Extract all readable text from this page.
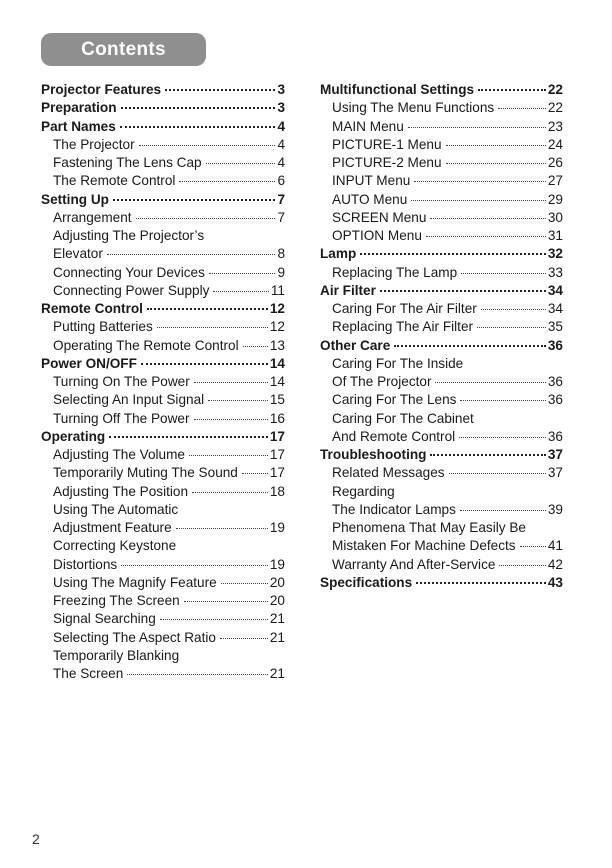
Contents
Projector Features	3
Preparation	3
Part Names	4
The Projector	4
Fastening The Lens Cap	4
The Remote Control	6
Setting Up	7
Arrangement	7
Adjusting The Projector’s
Elevator	8
Connecting Your Devices	9
Connecting Power Supply	11
Remote Control	12
Putting Batteries	12
Operating The Remote Control 13
Power ON/OFF	14
Turning On The Power	14
Selecting An Input Signal	15
Turning Off The Power	16
Operating	17
Adjusting The Volume	17
Temporarily Muting The Sound 17
Adjusting The Position	18
Using The Automatic
Adjustment Feature	19
Correcting Keystone
Distortions	19
Using The Magnify Feature	20
Freezing The Screen	20
Signal Searching	21
Selecting The Aspect Ratio	21
Temporarily Blanking
The Screen	21
Multifunctional Settings	22
Using The Menu Functions	22
MAIN Menu	23
PICTURE-1 Menu	24
PICTURE-2 Menu	26
INPUT Menu	27
AUTO Menu	29
SCREEN Menu	30
OPTION Menu	31
Lamp	32
Replacing The Lamp	33
Air Filter	34
Caring For The Air Filter	34
Replacing The Air Filter	35
Other Care	36
Caring For The Inside
Of The Projector	36
Caring For The Lens	36
Caring For The Cabinet
And Remote Control	36
Troubleshooting	37
Related Messages	37
Regarding
The Indicator Lamps	39
Phenomena That May Easily Be
Mistaken For Machine Defects 41
Warranty And After-Service	42
Specifications	43
2
